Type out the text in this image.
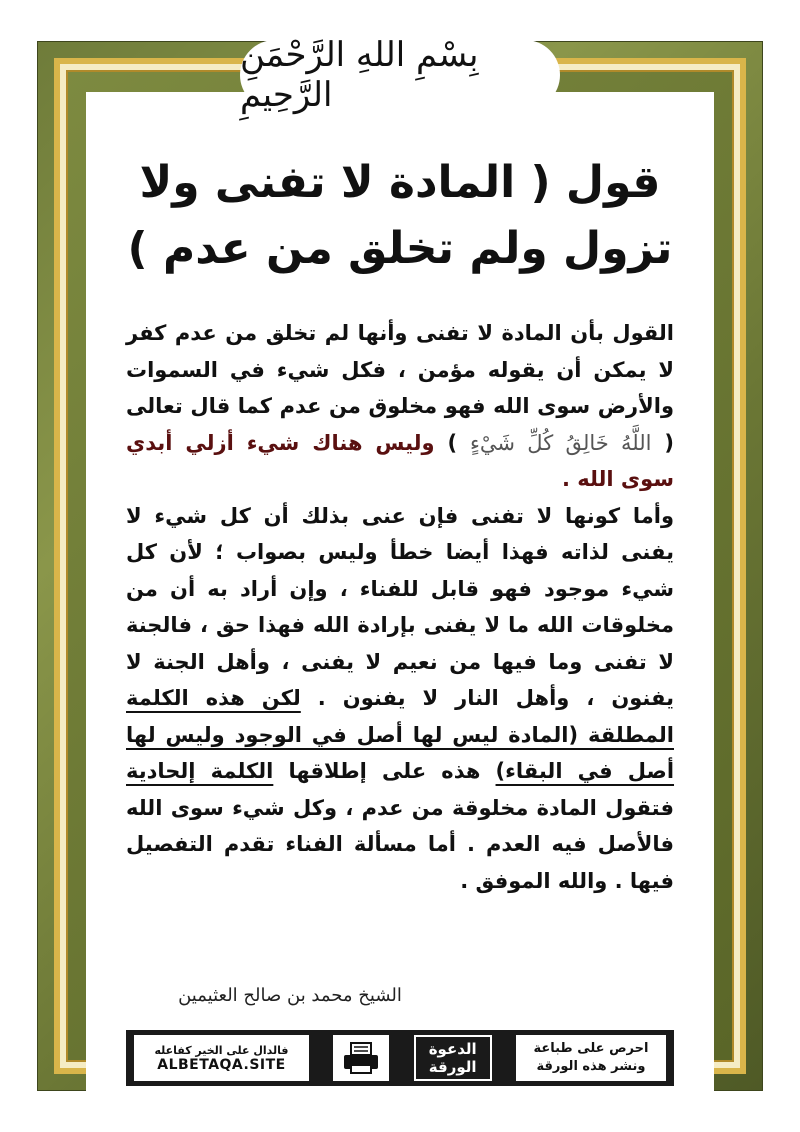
بِسْمِ اللهِ الرَّحْمَنِ الرَّحِيمِ
قول ( المادة لا تفنى ولا تزول ولم تخلق من عدم )

القول بأن المادة لا تفنى وأنها لم تخلق من عدم كفر لا يمكن أن يقوله مؤمن ، فكل شيء في السموات والأرض سوى الله فهو مخلوق من عدم كما قال تعالى ( اللَّهُ خَالِقُ كُلِّ شَيْءٍ ) وليس هناك شيء أزلي أبدي سوى الله .

وأما كونها لا تفنى فإن عنى بذلك أن كل شيء لا يفنى لذاته فهذا أيضا خطأ وليس بصواب ؛ لأن كل شيء موجود فهو قابل للفناء ، وإن أراد به أن من مخلوقات الله ما لا يفنى بإرادة الله فهذا حق ، فالجنة لا تفنى وما فيها من نعيم لا يفنى ، وأهل الجنة لا يفنون ، وأهل النار لا يفنون . لكن هذه الكلمة المطلقة (المادة ليس لها أصل في الوجود وليس لها أصل في البقاء) هذه على إطلاقها الكلمة إلحادية فتقول المادة مخلوقة من عدم ، وكل شيء سوى الله فالأصل فيه العدم . أما مسألة الفناء تقدم التفصيل فيها . والله الموفق .

الشيخ محمد بن صالح العثيمين
فالدال على الخير كفاعله
ALBETAQA.SITE
الدعوة
الورقة
احرص على طباعة
ونشر هذه الورقة
